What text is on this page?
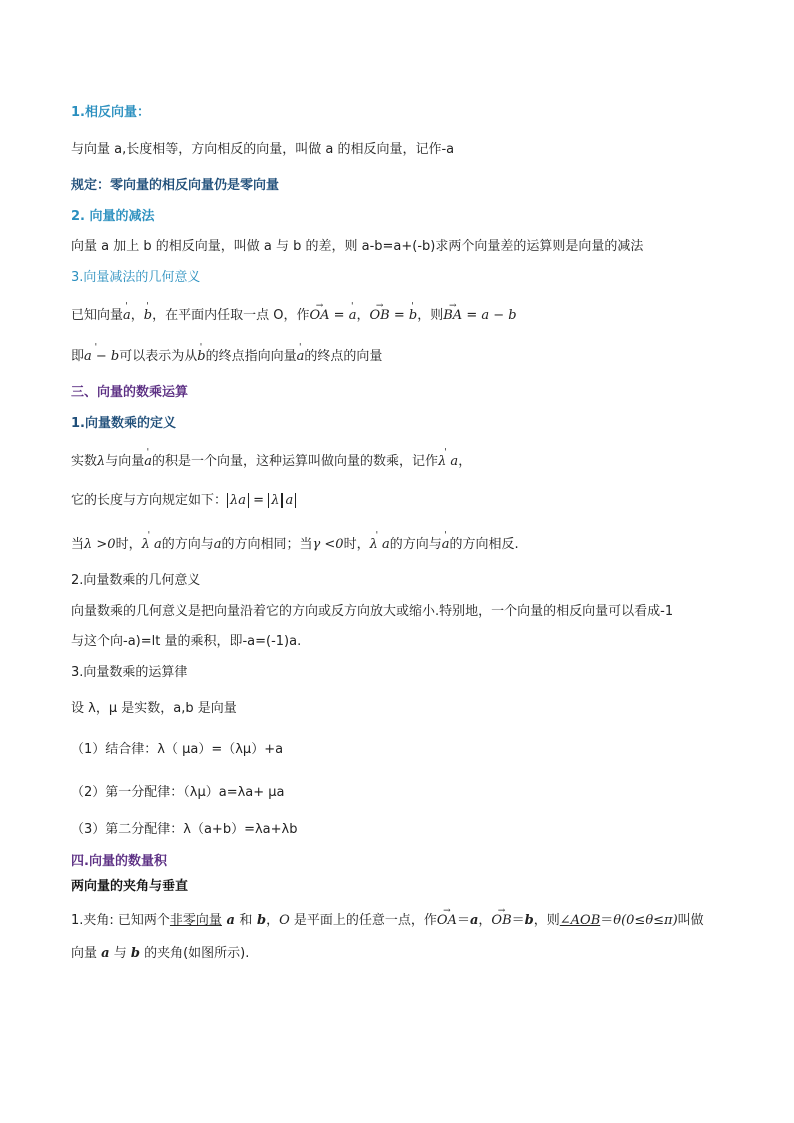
1.相反向量：
与向量 a,长度相等，方向相反的向量，叫做 a 的相反向量，记作-a
规定：零向量的相反向量仍是零向量
2. 向量的减法
向量 a 加上 b 的相反向量，叫做 a 与 b 的差，则 a-b=a+(-b)求两个向量差的运算则是向量的减法
3.向量减法的几何意义
已知向量' a，' b，在平面内任取一点 O，作→ OA = ' a，→ OB = ' b，则→ BA = a − b
即' a − b可以表示为从' b的终点指向向量' a的终点的向量
三、向量的数乘运算
1.向量数乘的定义
实数λ与向量' a的积是一个向量，这种运算叫做向量的数乘，记作' λ a，
它的长度与方向规定如下： λa = λ a
当λ >0时，' λ a的方向与a的方向相同；当γ <0时，' λ a的方向与' a的方向相反.
2.向量数乘的几何意义
向量数乘的几何意义是把向量沿着它的方向或反方向放大或缩小.特别地，一个向量的相反向量可以看成-1
与这个向-a)=lt 量的乘积，即-a=(-1)a.
3.向量数乘的运算律
设 λ，μ 是实数，a,b 是向量
（1）结合律：λ（ μa）=（λμ）+a
（2）第一分配律：（λμ）a=λa+ μa
（3）第二分配律：λ（a+b）=λa+λb
四.向量的数量积
两向量的夹角与垂直
1.夹角: 已知两个非零向量 a 和 b，O 是平面上的任意一点，作→ OA＝a，→ OB＝b，则∠AOB＝θ(0≤θ≤π)叫做
向量 a 与 b 的夹角(如图所示).
